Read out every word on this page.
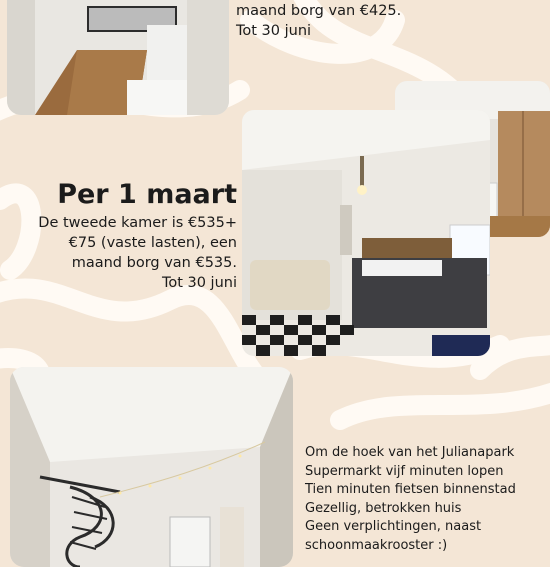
maand borg van €425.
Tot 30 juni
Per 1 maart
De tweede kamer is €535+
€75 (vaste lasten), een
maand borg van €535.
Tot 30 juni
Om de hoek van het Julianapark
Supermarkt vijf minuten lopen
Tien minuten fietsen binnenstad
Gezellig, betrokken huis
Geen verplichtingen, naast
schoonmaakrooster :)
